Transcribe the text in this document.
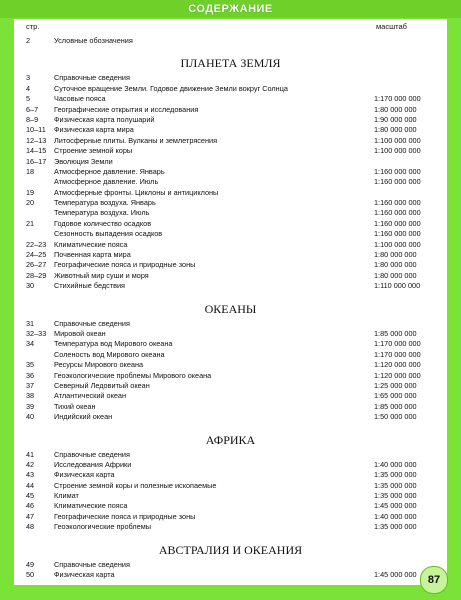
СОДЕРЖАНИЕ
стр.	масштаб
2	Условные обозначения
ПЛАНЕТА ЗЕМЛЯ
3	Справочные сведения
4	Суточное вращение Земли. Годовое движение Земли вокруг Солнца
5	Часовые пояса	1:170 000 000
6–7 Географические открытия и исследования	1:80 000 000
8–9 Физическая карта полушарий	1:90 000 000
10–11 Физическая карта мира	1:80 000 000
12–13 Литосферные плиты. Вулканы и землетрясения	1:100 000 000
14–15 Строение земной коры	1:100 000 000
16–17 Эволюция Земли
18	Атмосферное давление. Январь	1:160 000 000
Атмосферное давление. Июль	1:160 000 000
19	Атмосферные фронты. Циклоны и антициклоны
20	Температура воздуха. Январь	1:160 000 000
Температура воздуха. Июль	1:160 000 000
21	Годовое количество осадков	1:160 000 000
Сезонность выпадения осадков	1:160 000 000
22–23 Климатические пояса	1:100 000 000
24–25 Почвенная карта мира	1:80 000 000
26–27 Географические пояса и природные зоны	1:80 000 000
28–29 Животный мир суши и моря	1:80 000 000
30	Стихийные бедствия	1:110 000 000
ОКЕАНЫ
31	Справочные сведения
32–33 Мировой океан	1:85 000 000
34	Температура вод Мирового океана	1:170 000 000
Соленость вод Мирового океана	1:170 000 000
35	Ресурсы Мирового океана	1:120 000 000
36	Геоэкологические проблемы Мирового океана	1:120 000 000
37	Северный Ледовитый океан	1:25 000 000
38	Атлантический океан	1:65 000 000
39	Тихий океан	1:85 000 000
40	Индийский океан	1:50 000 000
АФРИКА
41	Справочные сведения
42	Исследования Африки	1:40 000 000
43	Физическая карта	1:35 000 000
44	Строение земной коры и полезные ископаемые	1:35 000 000
45	Климат	1:35 000 000
46	Климатические пояса	1:45 000 000
47	Географические пояса и природные зоны	1:40 000 000
48	Геоэкологические проблемы	1:35 000 000
АВСТРАЛИЯ И ОКЕАНИЯ
49	Справочные сведения
50	Физическая карта	1:45 000 000	87
